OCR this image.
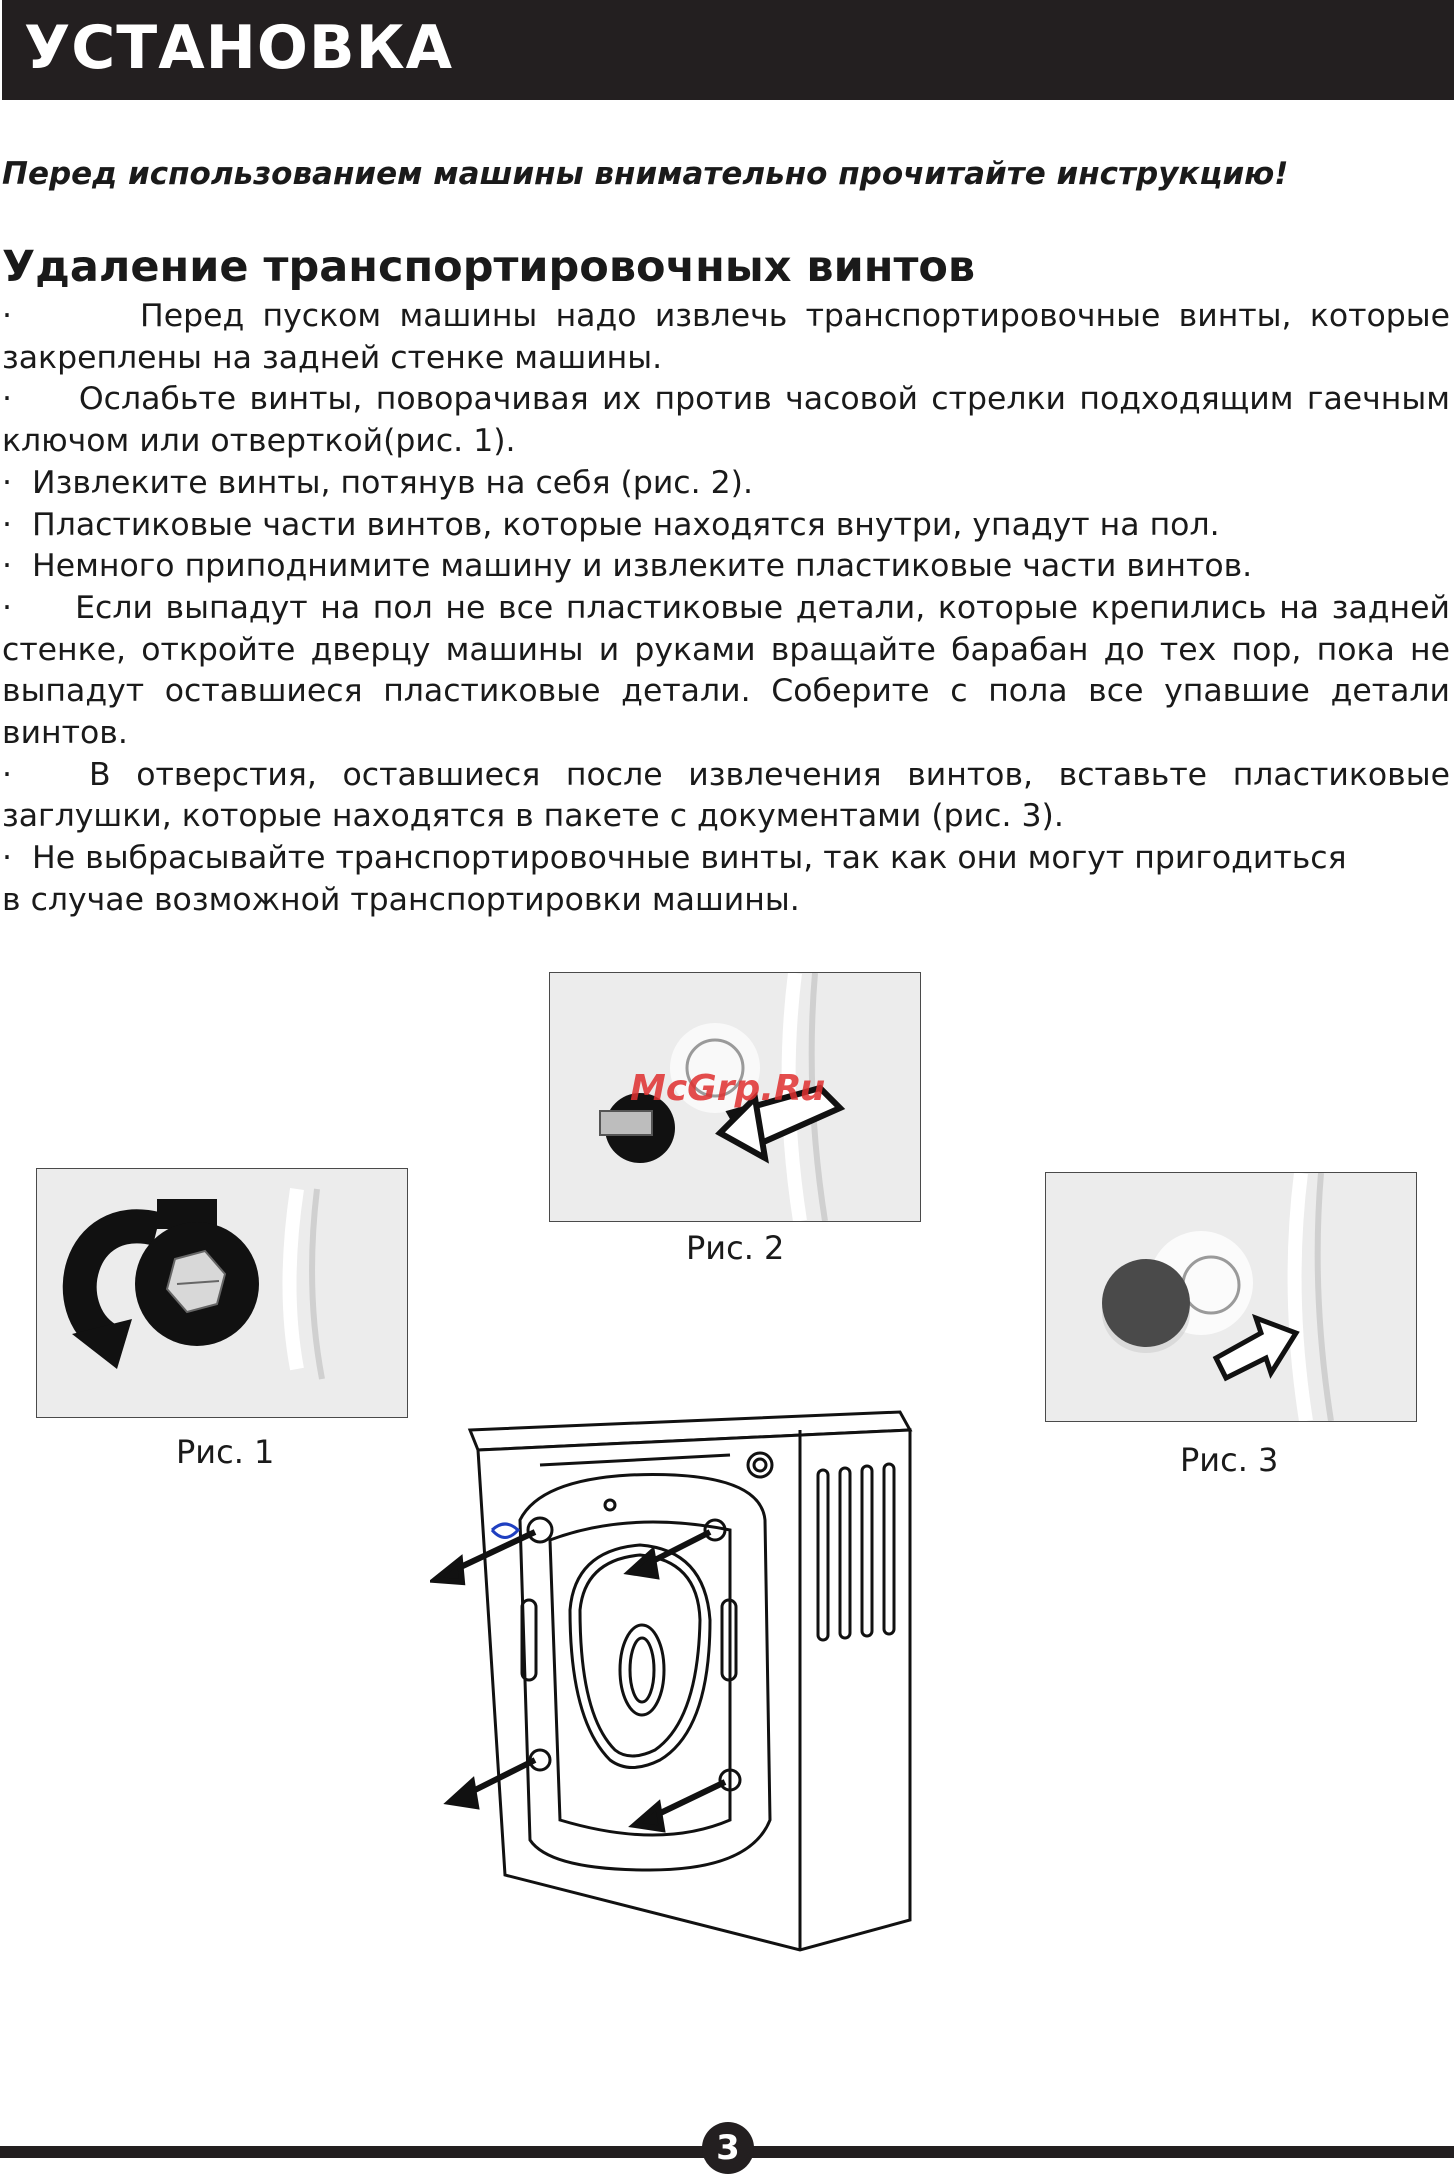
УСТАНОВКА

Перед использованием машины внимательно прочитайте инструкцию!

Удаление транспортировочных винтов

·	Перед пуском машины надо извлечь транспортировочные винты, которые закреплены на задней стенке машины.

· Ослабьте винты, поворачивая их против часовой стрелки подходящим гаечным ключом или отверткой(рис. 1).

· Извлеките винты, потянув на себя (рис. 2).

· Пластиковые части винтов, которые находятся внутри, упадут на пол.

· Немного приподнимите машину и извлеките пластиковые части винтов.

· Если выпадут на пол не все пластиковые детали, которые крепились на задней стенке, откройте дверцу машины и руками вращайте барабан до тех пор, пока не выпадут оставшиеся пластиковые детали. Соберите с пола все упавшие детали винтов.

· В отверстия, оставшиеся после извлечения винтов, вставьте пластиковые заглушки, которые находятся в пакете с документами (рис. 3).

· Не выбрасывайте транспортировочные винты, так как они могут пригодиться

в случае возможной транспортировки машины.

Рис. 1

Рис. 2

Рис. 3

McGrp.Ru

3
